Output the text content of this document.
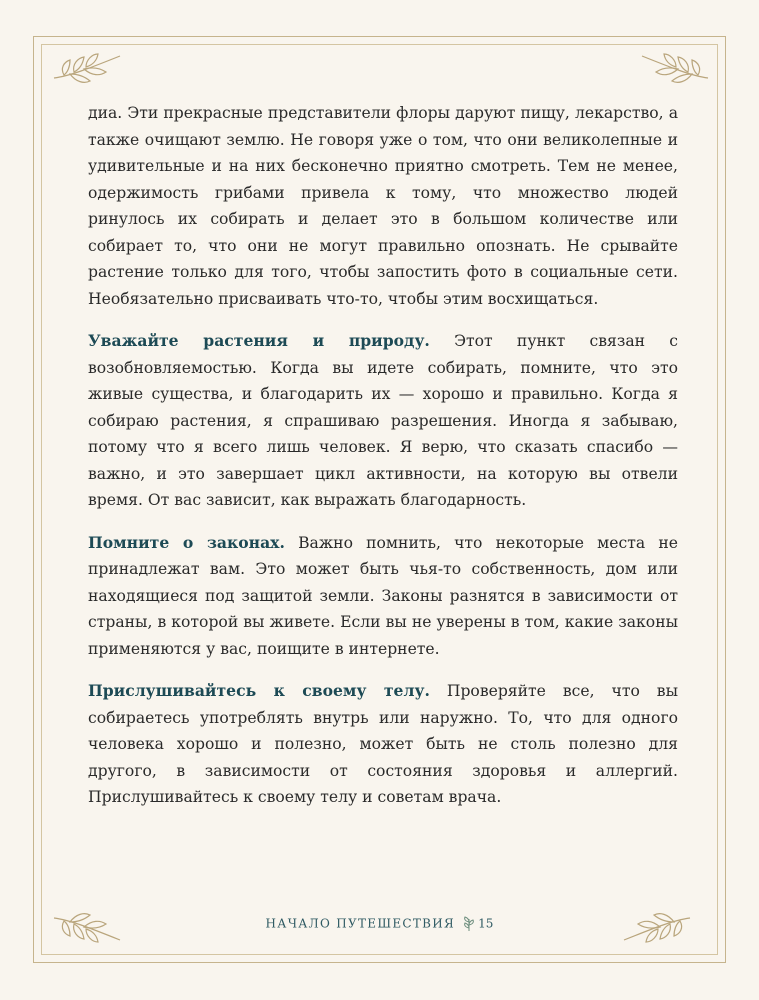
диа. Эти прекрасные представители флоры даруют пищу, лекарство, а также очищают землю. Не говоря уже о том, что они великолепные и удивительные и на них бесконечно приятно смотреть. Тем не менее, одержимость грибами привела к тому, что множество людей ринулось их собирать и делает это в большом количестве или собирает то, что они не могут правильно опознать. Не срывайте растение только для того, чтобы запостить фото в социальные сети. Необязательно присваивать что-то, чтобы этим восхищаться.

Уважайте растения и природу. Этот пункт связан с возобновляемостью. Когда вы идете собирать, помните, что это живые существа, и благодарить их — хорошо и правильно. Когда я собираю растения, я спрашиваю разрешения. Иногда я забываю, потому что я всего лишь человек. Я верю, что сказать спасибо — важно, и это завершает цикл активности, на которую вы отвели время. От вас зависит, как выражать благодарность.

Помните о законах. Важно помнить, что некоторые места не принадлежат вам. Это может быть чья-то собственность, дом или находящиеся под защитой земли. Законы разнятся в зависимости от страны, в которой вы живете. Если вы не уверены в том, какие законы применяются у вас, поищите в интернете.

Прислушивайтесь к своему телу. Проверяйте все, что вы собираетесь употреблять внутрь или наружно. То, что для одного человека хорошо и полезно, может быть не столь полезно для другого, в зависимости от состояния здоровья и аллергий. Прислушивайтесь к своему телу и советам врача.

НАЧАЛО ПУТЕШЕСТВИЯ 15
